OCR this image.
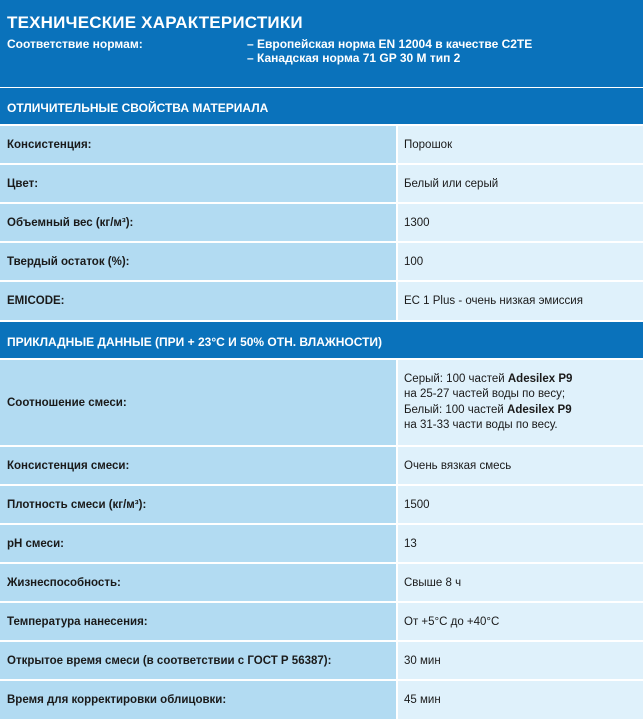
ТЕХНИЧЕСКИЕ ХАРАКТЕРИСТИКИ
Соответствие нормам:	– Европейская норма EN 12004 в качестве C2TE
– Канадская норма 71 GP 30 M тип 2
ОТЛИЧИТЕЛЬНЫЕ СВОЙСТВА МАТЕРИАЛА
Консистенция:	Порошок
Цвет:	Белый или серый
Объемный вес (кг/м³):	1300
Твердый остаток (%):	100
EMICODE:	EC 1 Plus - очень низкая эмиссия
ПРИКЛАДНЫЕ ДАННЫЕ (ПРИ + 23°С И 50% ОТН. ВЛАЖНОСТИ)
Соотношение смеси:
Серый: 100 частей Adesilex P9
на 25-27 частей воды по весу;
Белый: 100 частей Adesilex P9
на 31-33 части воды по весу.
Консистенция смеси:	Очень вязкая смесь
Плотность смеси (кг/м³):	1500
pH смеси:	13
Жизнеспособность:	Свыше 8 ч
Температура нанесения:	От +5°С до +40°С
Открытое время смеси (в соответствии с ГОСТ Р 56387):	30 мин
Время для корректировки облицовки:	45 мин
